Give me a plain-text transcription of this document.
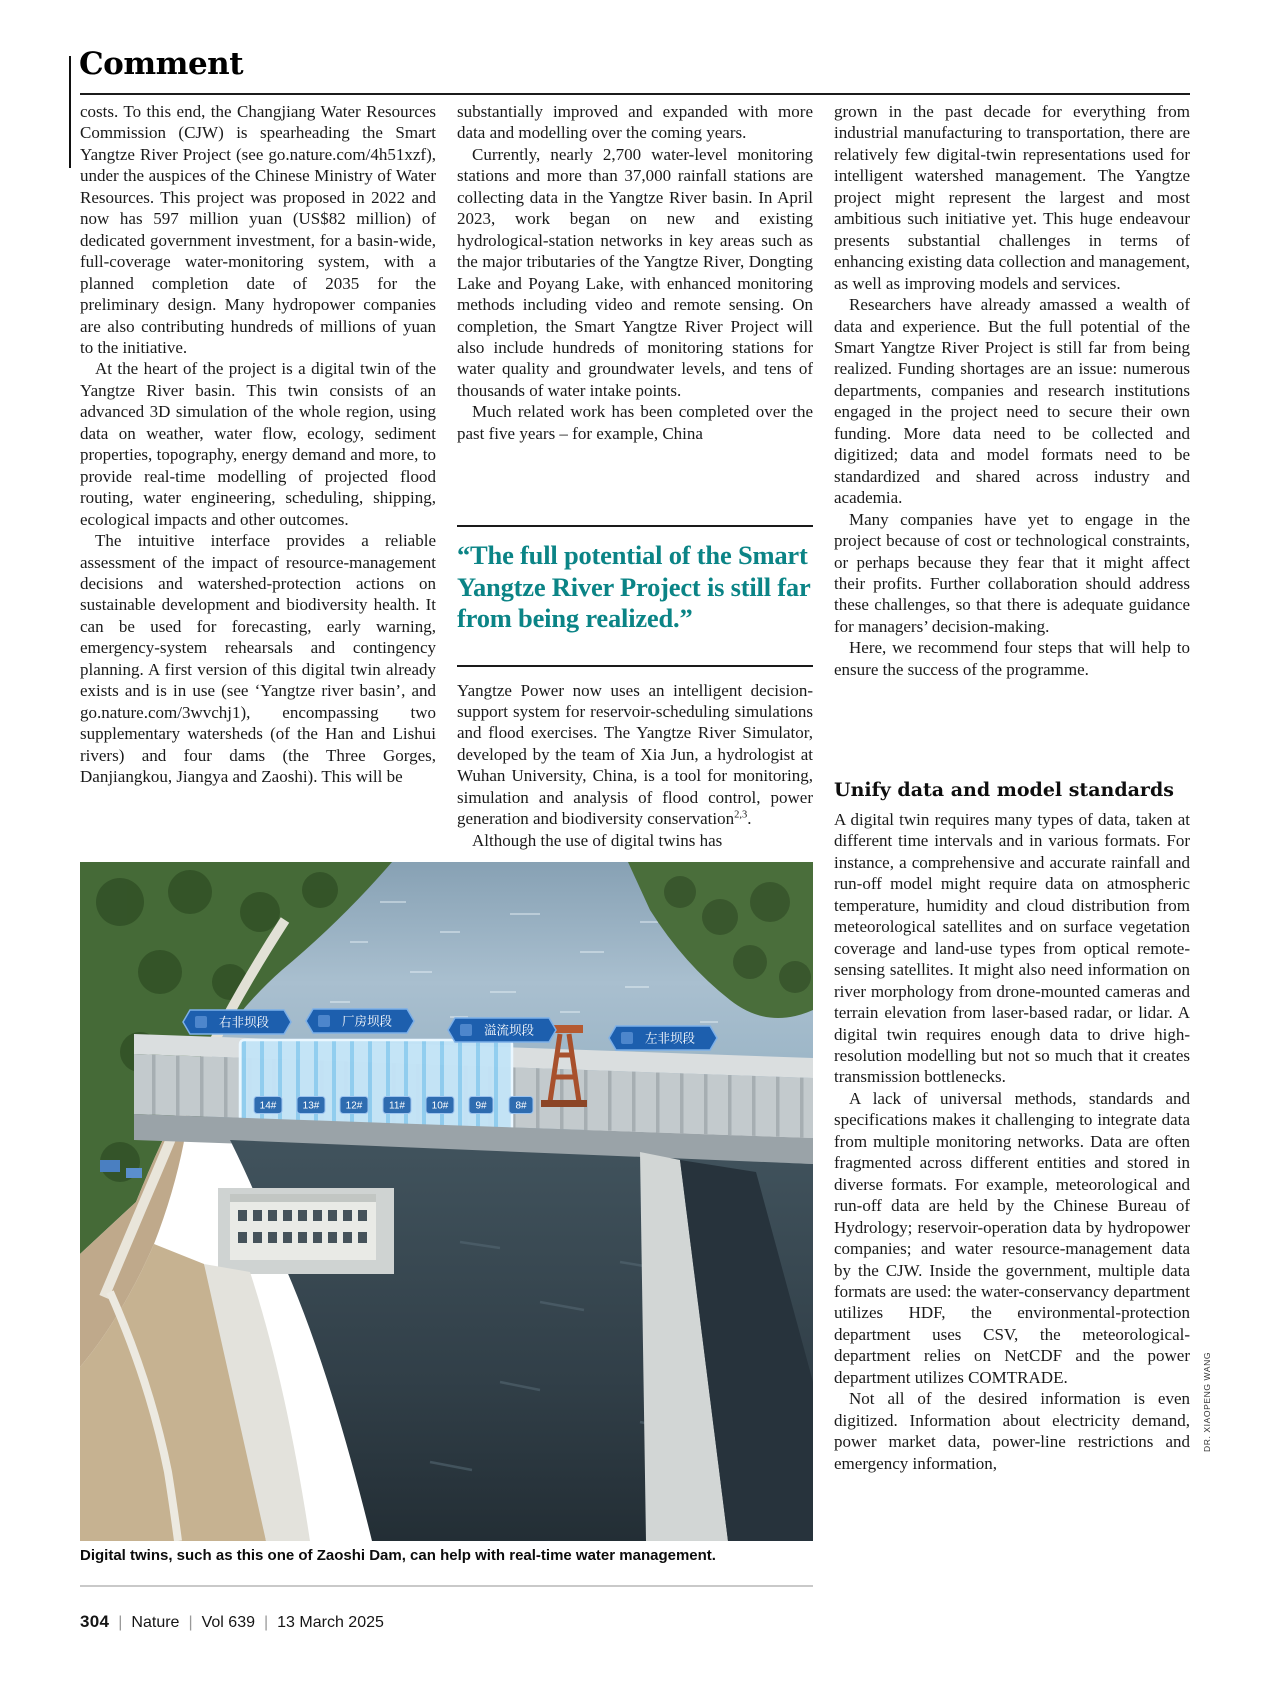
Comment

costs. To this end, the Changjiang Water Resources Commission (CJW) is spearheading the Smart Yangtze River Project (see go.nature.com/4h51xzf), under the auspices of the Chinese Ministry of Water Resources. This project was proposed in 2022 and now has 597 million yuan (US$82 million) of dedicated government investment, for a basin-wide, full-coverage water-monitoring system, with a planned completion date of 2035 for the preliminary design. Many hydropower companies are also contributing hundreds of millions of yuan to the initiative.

At the heart of the project is a digital twin of the Yangtze River basin. This twin consists of an advanced 3D simulation of the whole region, using data on weather, water flow, ecology, sediment properties, topography, energy demand and more, to provide real-time modelling of projected flood routing, water engineering, scheduling, shipping, ecological impacts and other outcomes.

The intuitive interface provides a reliable assessment of the impact of resource-management decisions and watershed-protection actions on sustainable development and biodiversity health. It can be used for forecasting, early warning, emergency-system rehearsals and contingency planning. A first version of this digital twin already exists and is in use (see ‘Yangtze river basin’, and go.nature.com/3wvchj1), encompassing two supplementary watersheds (of the Han and Lishui rivers) and four dams (the Three Gorges, Danjiangkou, Jiangya and Zaoshi). This will be

substantially improved and expanded with more data and modelling over the coming years.

Currently, nearly 2,700 water-level monitoring stations and more than 37,000 rainfall stations are collecting data in the Yangtze River basin. In April 2023, work began on new and existing hydrological-station networks in key areas such as the major tributaries of the Yangtze River, Dongting Lake and Poyang Lake, with enhanced monitoring methods including video and remote sensing. On completion, the Smart Yangtze River Project will also include hundreds of monitoring stations for water quality and groundwater levels, and tens of thousands of water intake points.

Much related work has been completed over the past five years – for example, China

“The full potential of the Smart Yangtze River Project is still far from being realized.”

Yangtze Power now uses an intelligent decision-support system for reservoir-scheduling simulations and flood exercises. The Yangtze River Simulator, developed by the team of Xia Jun, a hydrologist at Wuhan University, China, is a tool for monitoring, simulation and analysis of flood control, power generation and biodiversity conservation$^{2,3}$.

Although the use of digital twins has

grown in the past decade for everything from industrial manufacturing to transportation, there are relatively few digital-twin representations used for intelligent watershed management. The Yangtze project might represent the largest and most ambitious such initiative yet. This huge endeavour presents substantial challenges in terms of enhancing existing data collection and management, as well as improving models and services.

Researchers have already amassed a wealth of data and experience. But the full potential of the Smart Yangtze River Project is still far from being realized. Funding shortages are an issue: numerous departments, companies and research institutions engaged in the project need to secure their own funding. More data need to be collected and digitized; data and model formats need to be standardized and shared across industry and academia.

Many companies have yet to engage in the project because of cost or technological constraints, or perhaps because they fear that it might affect their profits. Further collaboration should address these challenges, so that there is adequate guidance for managers’ decision-making.

Here, we recommend four steps that will help to ensure the success of the programme.

Unify data and model standards

A digital twin requires many types of data, taken at different time intervals and in various formats. For instance, a comprehensive and accurate rainfall and run-off model might require data on atmospheric temperature, humidity and cloud distribution from meteorological satellites and on surface vegetation coverage and land-use types from optical remote-sensing satellites. It might also need information on river morphology from drone-mounted cameras and terrain elevation from laser-based radar, or lidar. A digital twin requires enough data to drive high-resolution modelling but not so much that it creates transmission bottlenecks.

A lack of universal methods, standards and specifications makes it challenging to integrate data from multiple monitoring networks. Data are often fragmented across different entities and stored in diverse formats. For example, meteorological and run-off data are held by the Chinese Bureau of Hydrology; reservoir-operation data by hydropower companies; and water resource-management data by the CJW. Inside the government, multiple data formats are used: the water-conservancy department utilizes HDF, the environmental-protection department uses CSV, the meteorological-department relies on NetCDF and the power department utilizes COMTRADE.

Not all of the desired information is even digitized. Information about electricity demand, power market data, power-line restrictions and emergency information,

右非坝段	厂房坝段
溢流坝段
左非坝段
14#	13#	12#	11#	10#	9#	8#
Digital twins, such as this one of Zaoshi Dam, can help with real-time water management.
304 | Nature | Vol 639 | 13 March 2025
DR. XIAOPENG WANG
